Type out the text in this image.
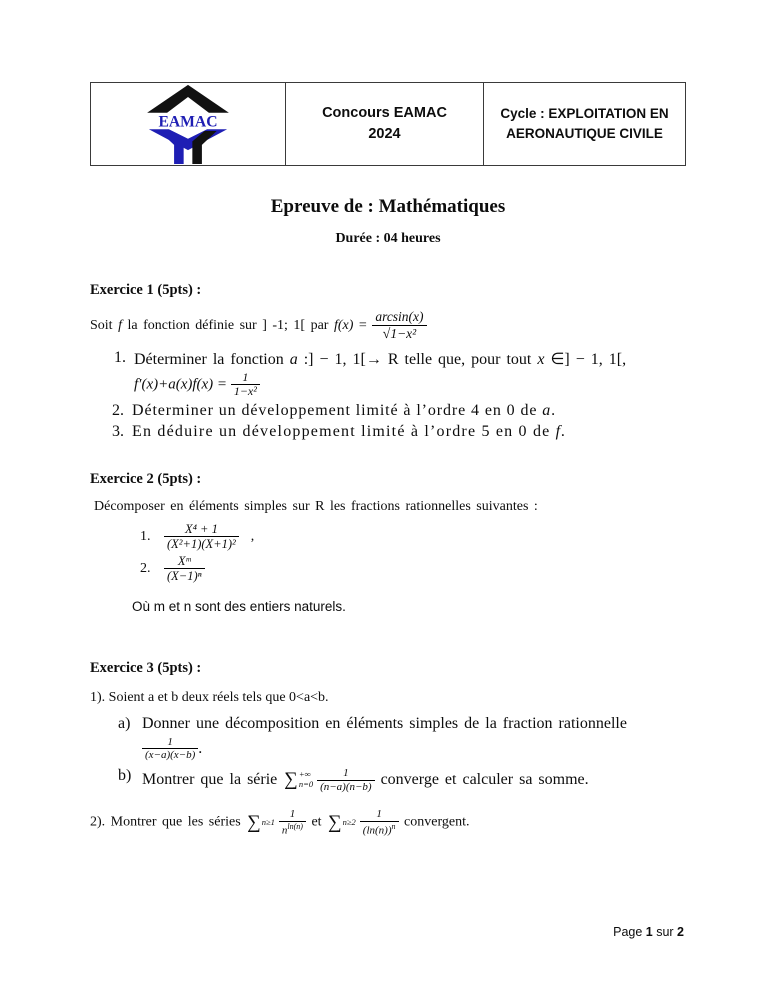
EAMAC
Concours EAMAC
2024
Cycle : EXPLOITATION EN
AERONAUTIQUE CIVILE
Epreuve de : Mathématiques
Durée : 04 heures
Exercice 1 (5pts) :

Soit f la fonction définie sur ] -1; 1[ par $f(x) = \frac{\arcsin(x)}{\text{√1−x²}}$

1. Déterminer la fonction a :] − 1, 1[→ R telle que, pour tout x ∈] − 1, 1[,

$f'(x)+a(x)f(x) = \frac{1}{\text{1−x²}}$

2. Déterminer un développement limité à l’ordre 4 en 0 de a.
3. En déduire un développement limité à l’ordre 5 en 0 de f.
Exercice 2 (5pts) :

Décomposer en éléments simples sur R les fractions rationnelles suivantes :

1.	$\frac{\text{X⁴ + 1}}{\text{(X²+1)(X+1)²}}$ ,
2.	$\frac{\text{Xᵐ}}{\text{(X−1)ⁿ}}$

Où m et n sont des entiers naturels.

Exercice 3 (5pts) :

1). Soient a et b deux réels tels que 0<a<b.

a) Donner une décomposition en éléments simples de la fraction rationnelle
$\frac{1}{(x-a)(x-b)}$ .
b) Montrer que la série ∑ +∞
$n=0 \frac{1}{(n-a)(n-b)}$ converge et calculer sa somme.

2). Montrer que les séries ∑ $n\ge 1 \frac{1}{n^{ln(n)}}$ et ∑ $n\ge 2 \frac{1}{(\ln(n))^n}$ convergent.

Page 1 sur 2
